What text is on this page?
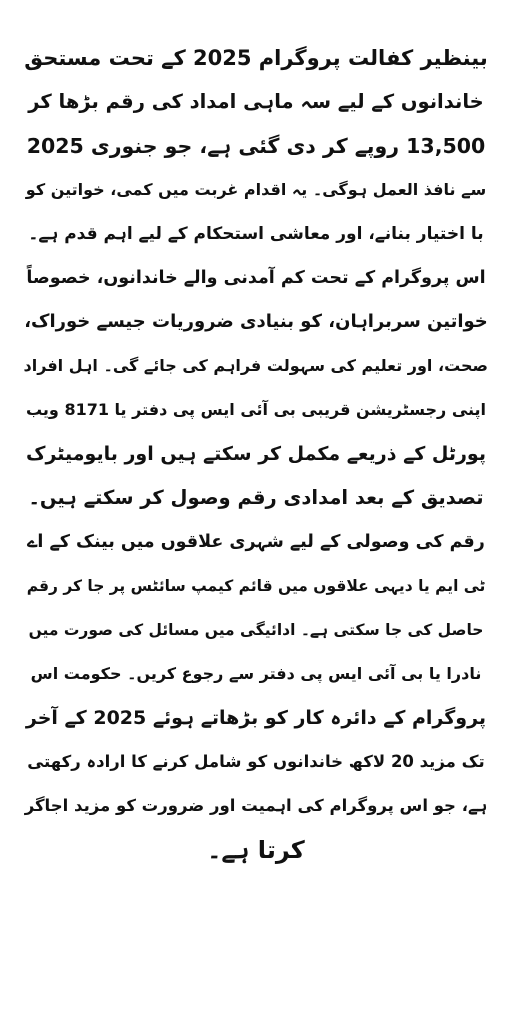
بینظیر کفالت پروگرام 2025 کے تحت مستحق
خاندانوں کے لیے سہ ماہی امداد کی رقم بڑھا کر
13,500 روپے کر دی گئی ہے، جو جنوری 2025
سے نافذ العمل ہوگی۔ یہ اقدام غربت میں کمی، خواتین کو
با اختیار بنانے، اور معاشی استحکام کے لیے اہم قدم ہے۔
اس پروگرام کے تحت کم آمدنی والے خاندانوں، خصوصاً
خواتین سربراہان، کو بنیادی ضروریات جیسے خوراک،
صحت، اور تعلیم کی سہولت فراہم کی جائے گی۔ اہل افراد
اپنی رجسٹریشن قریبی بی آئی ایس پی دفتر یا 8171 ویب
پورٹل کے ذریعے مکمل کر سکتے ہیں اور بایومیٹرک
تصدیق کے بعد امدادی رقم وصول کر سکتے ہیں۔
رقم کی وصولی کے لیے شہری علاقوں میں بینک کے اے
ٹی ایم یا دیہی علاقوں میں قائم کیمپ سائٹس پر جا کر رقم
حاصل کی جا سکتی ہے۔ ادائیگی میں مسائل کی صورت میں
نادرا یا بی آئی ایس پی دفتر سے رجوع کریں۔ حکومت اس
پروگرام کے دائرہ کار کو بڑھاتے ہوئے 2025 کے آخر
تک مزید 20 لاکھ خاندانوں کو شامل کرنے کا ارادہ رکھتی
ہے، جو اس پروگرام کی اہمیت اور ضرورت کو مزید اجاگر
کرتا ہے۔
